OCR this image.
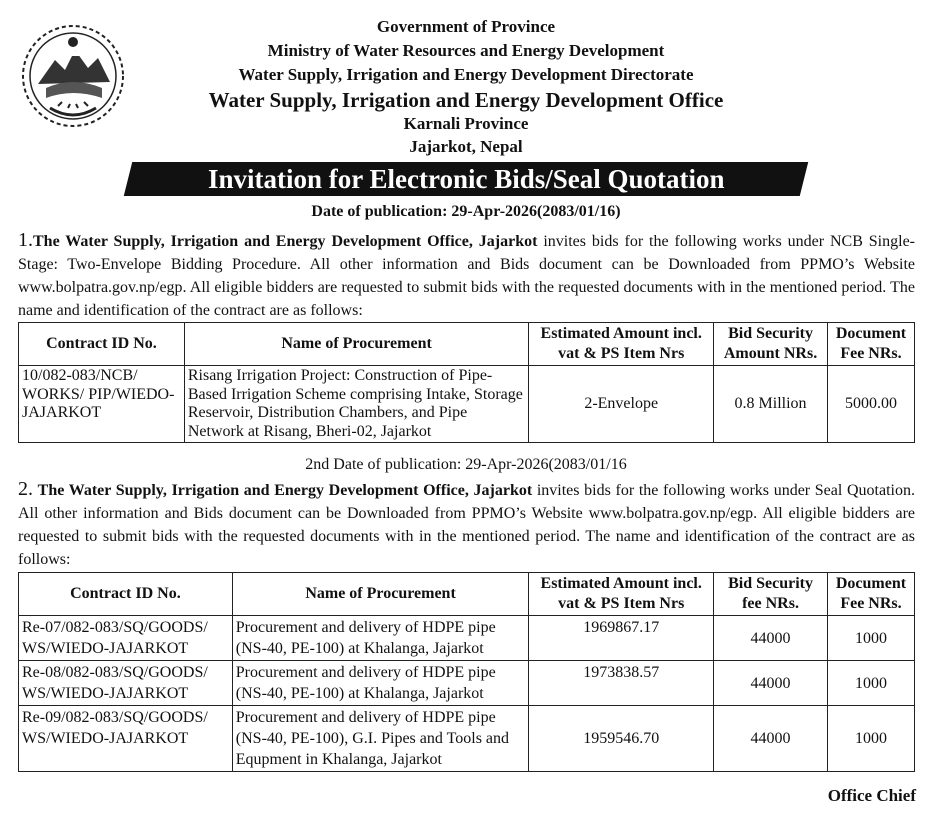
Government of Province
Ministry of Water Resources and Energy Development
Water Supply, Irrigation and Energy Development Directorate
Water Supply, Irrigation and Energy Development Office
Karnali Province
Jajarkot, Nepal
Invitation for Electronic Bids/Seal Quotation
Date of publication: 29-Apr-2026(2083/01/16)
1.The Water Supply, Irrigation and Energy Development Office, Jajarkot invites bids for the following works under NCB Single-Stage: Two-Envelope Bidding Procedure. All other information and Bids document can be Downloaded from PPMO’s Website www.bolpatra.gov.np/egp. All eligible bidders are requested to submit bids with the requested documents with in the mentioned period. The name and identification of the contract are as follows:
Contract ID No.	Name of Procurement	Estimated Amount incl. vat & PS Item Nrs	Bid Security Amount NRs.	Document Fee NRs.
10/082-083/NCB/ WORKS/ PIP/WIEDO- JAJARKOT	Risang Irrigation Project: Construction of Pipe-Based Irrigation Scheme comprising Intake, Storage Reservoir, Distribution Chambers, and Pipe Network at Risang, Bheri-02, Jajarkot	2-Envelope	0.8 Million	5000.00
2nd Date of publication: 29-Apr-2026(2083/01/16
2. The Water Supply, Irrigation and Energy Development Office, Jajarkot invites bids for the following works under Seal Quotation. All other information and Bids document can be Downloaded from PPMO’s Website www.bolpatra.gov.np/egp. All eligible bidders are requested to submit bids with the requested documents with in the mentioned period. The name and identification of the contract are as follows:
Contract ID No.	Name of Procurement	Estimated Amount incl. vat & PS Item Nrs	Bid Security fee NRs.	Document Fee NRs.
Re-07/082-083/SQ/GOODS/ WS/WIEDO-JAJARKOT	Procurement and delivery of HDPE pipe (NS-40, PE-100) at Khalanga, Jajarkot	1969867.17	44000	1000
Re-08/082-083/SQ/GOODS/ WS/WIEDO-JAJARKOT	Procurement and delivery of HDPE pipe (NS-40, PE-100) at Khalanga, Jajarkot	1973838.57	44000	1000
Re-09/082-083/SQ/GOODS/ WS/WIEDO-JAJARKOT	Procurement and delivery of HDPE pipe (NS-40, PE-100), G.I. Pipes and Tools and Equpment in Khalanga, Jajarkot	1959546.70	44000	1000
Office Chief
